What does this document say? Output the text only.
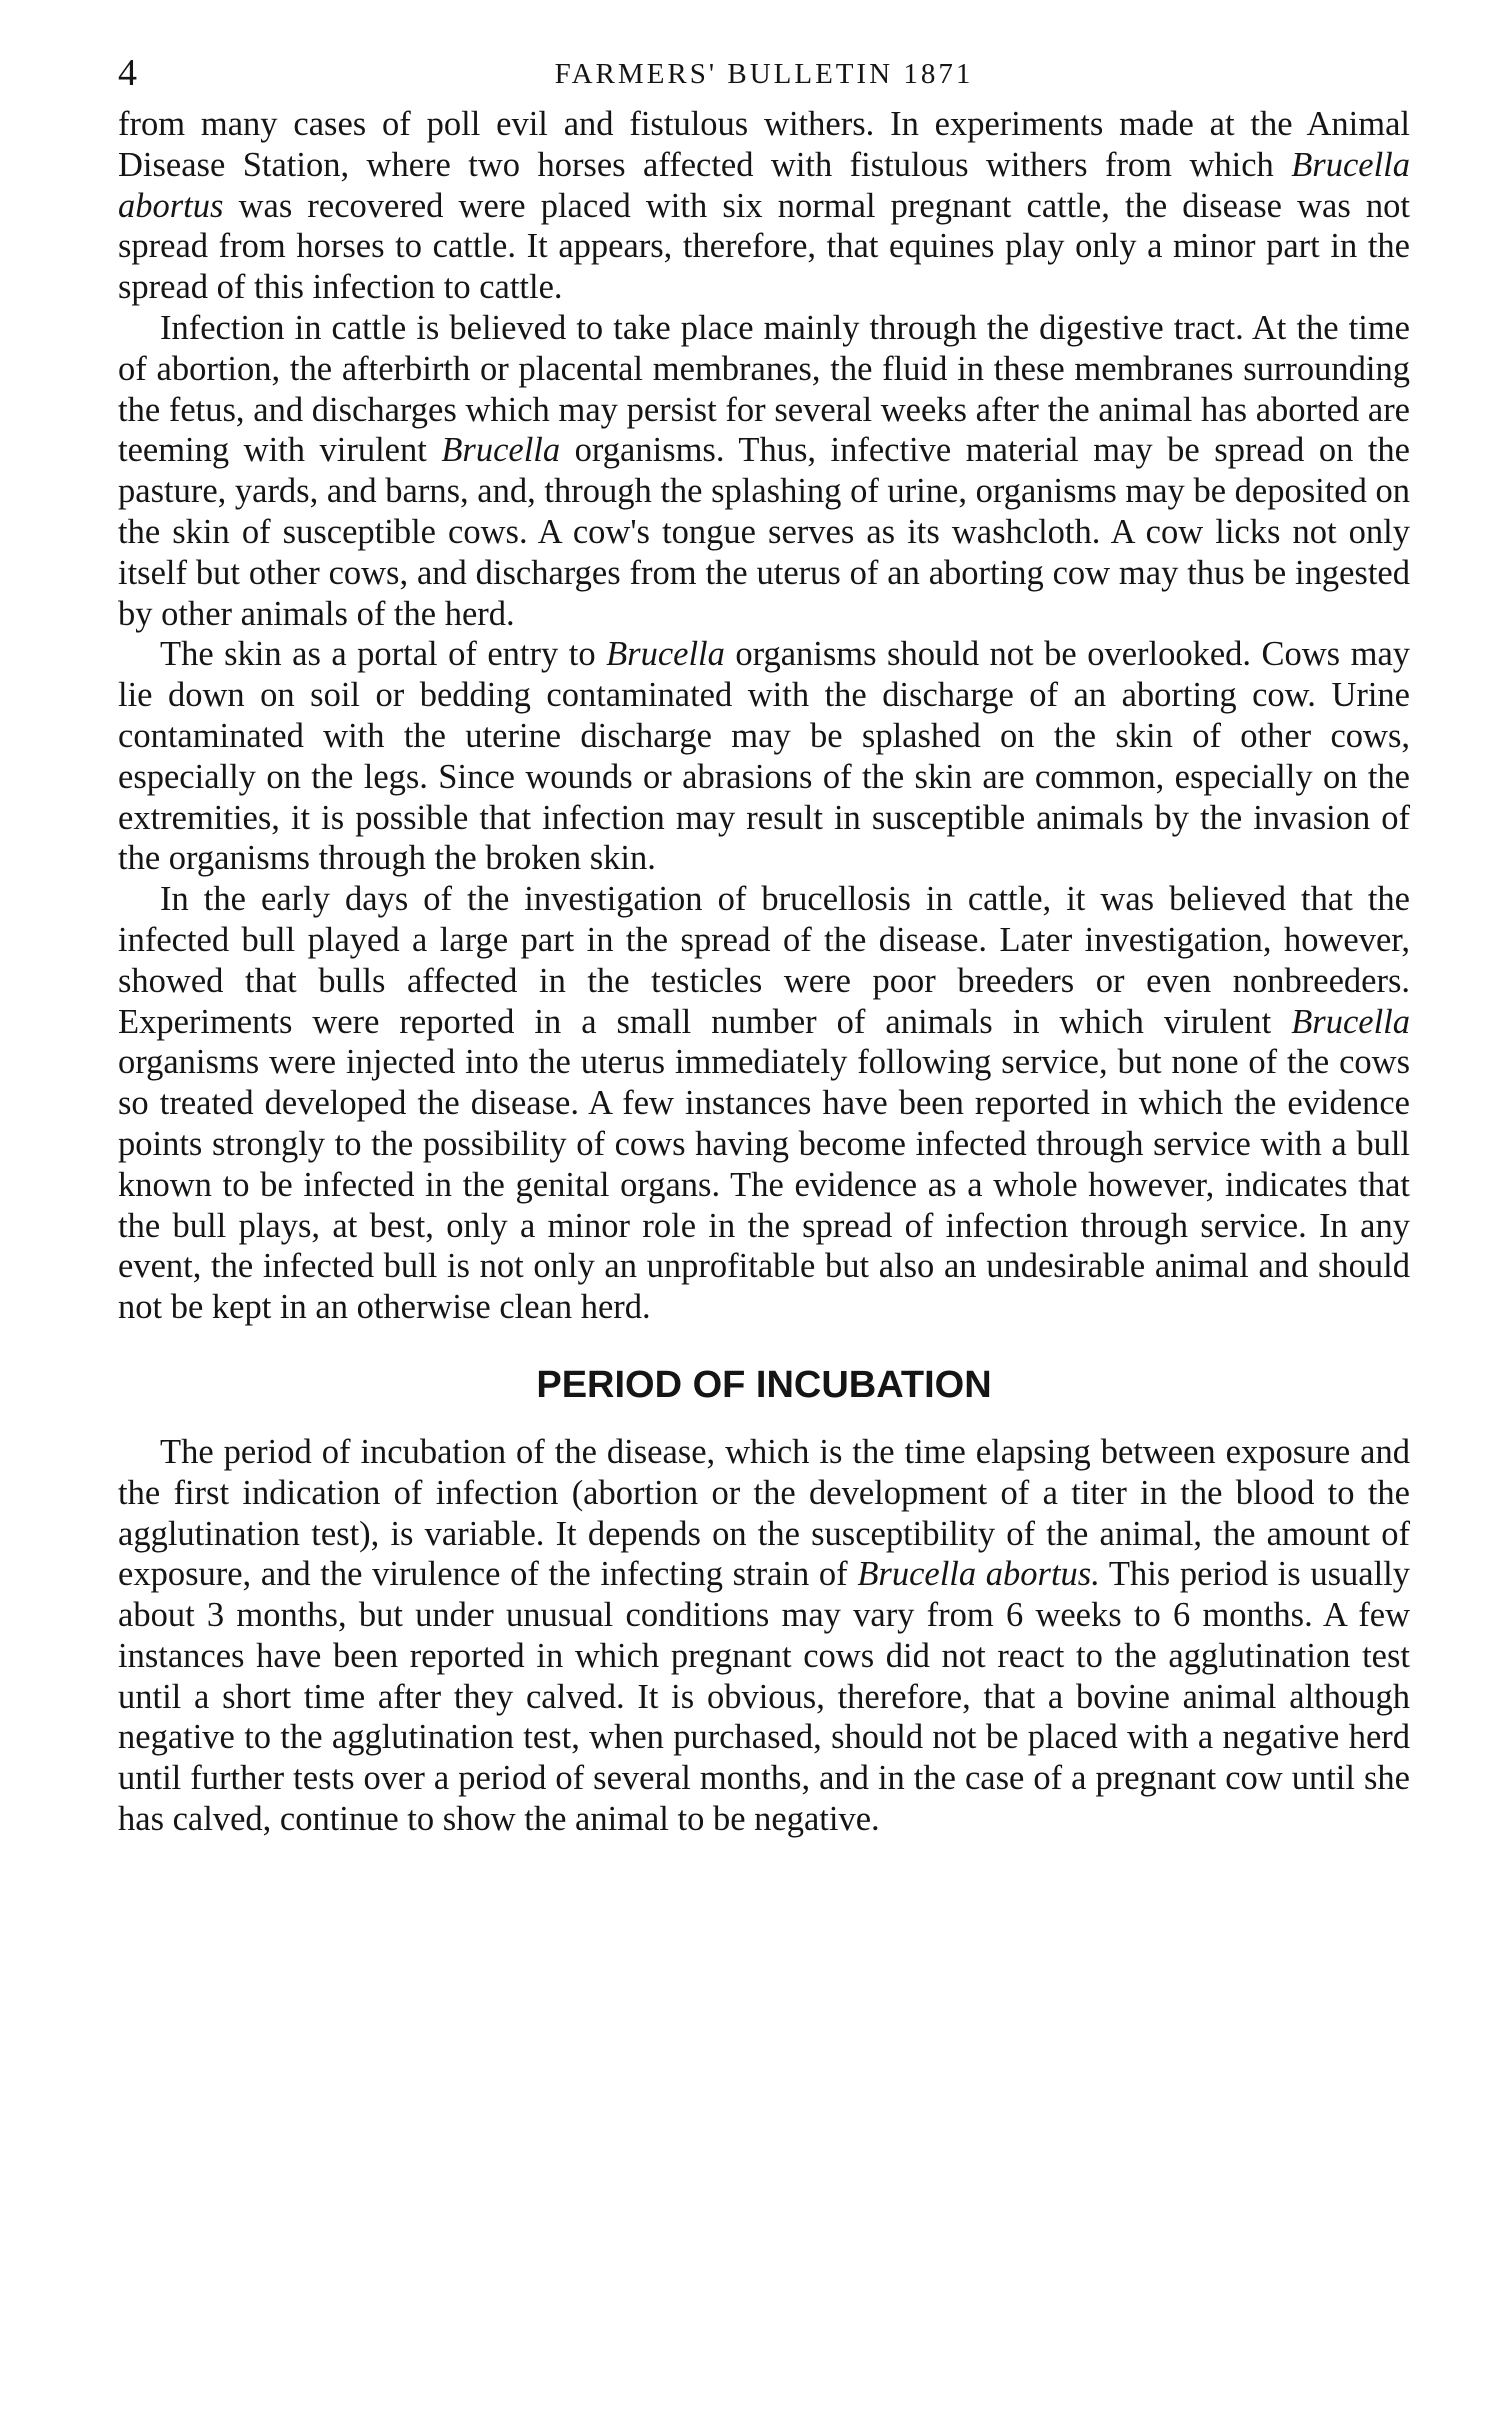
4	FARMERS' BULLETIN 1871

from many cases of poll evil and fistulous withers. In experiments made at the Animal Disease Station, where two horses affected with fistulous withers from which Brucella abortus was recovered were placed with six normal pregnant cattle, the disease was not spread from horses to cattle. It appears, therefore, that equines play only a minor part in the spread of this infection to cattle.

Infection in cattle is believed to take place mainly through the digestive tract. At the time of abortion, the afterbirth or placental membranes, the fluid in these membranes surrounding the fetus, and discharges which may persist for several weeks after the animal has aborted are teeming with virulent Brucella organisms. Thus, infective material may be spread on the pasture, yards, and barns, and, through the splashing of urine, organisms may be deposited on the skin of susceptible cows. A cow's tongue serves as its washcloth. A cow licks not only itself but other cows, and discharges from the uterus of an aborting cow may thus be ingested by other animals of the herd.

The skin as a portal of entry to Brucella organisms should not be overlooked. Cows may lie down on soil or bedding contaminated with the discharge of an aborting cow. Urine contaminated with the uterine discharge may be splashed on the skin of other cows, especially on the legs. Since wounds or abrasions of the skin are common, especially on the extremities, it is possible that infection may result in susceptible animals by the invasion of the organisms through the broken skin.

In the early days of the investigation of brucellosis in cattle, it was believed that the infected bull played a large part in the spread of the disease. Later investigation, however, showed that bulls affected in the testicles were poor breeders or even nonbreeders. Experiments were reported in a small number of animals in which virulent Brucella organisms were injected into the uterus immediately following service, but none of the cows so treated developed the disease. A few instances have been reported in which the evidence points strongly to the possibility of cows having become infected through service with a bull known to be infected in the genital organs. The evidence as a whole however, indicates that the bull plays, at best, only a minor role in the spread of infection through service. In any event, the infected bull is not only an unprofitable but also an undesirable animal and should not be kept in an otherwise clean herd.

PERIOD OF INCUBATION

The period of incubation of the disease, which is the time elapsing between exposure and the first indication of infection (abortion or the development of a titer in the blood to the agglutination test), is variable. It depends on the susceptibility of the animal, the amount of exposure, and the virulence of the infecting strain of Brucella abortus. This period is usually about 3 months, but under unusual conditions may vary from 6 weeks to 6 months. A few instances have been reported in which pregnant cows did not react to the agglutination test until a short time after they calved. It is obvious, therefore, that a bovine animal although negative to the agglutination test, when purchased, should not be placed with a negative herd until further tests over a period of several months, and in the case of a pregnant cow until she has calved, continue to show the animal to be negative.
